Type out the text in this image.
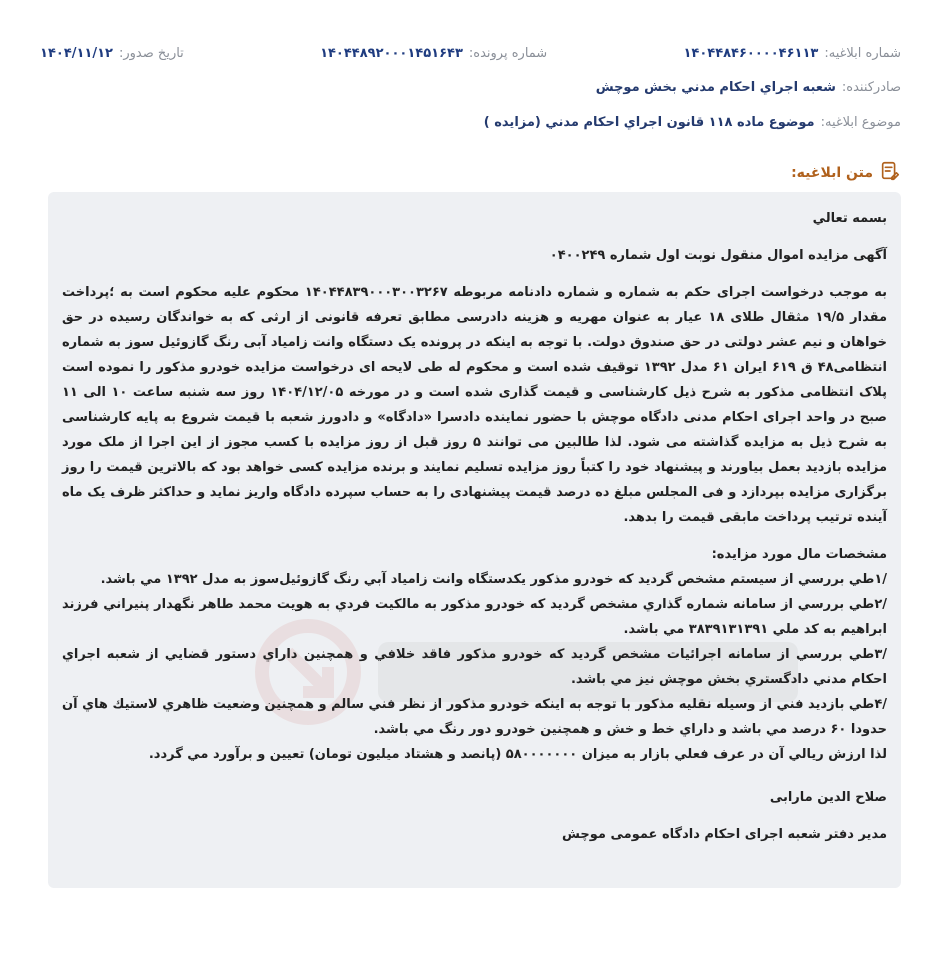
شماره ابلاغیه:
۱۴۰۴۴۸۴۶۰۰۰۰۴۶۱۱۳
شماره پرونده:
۱۴۰۴۴۸۹۲۰۰۰۱۴۵۱۶۴۳
تاریخ صدور:
۱۴۰۴/۱۱/۱۲
صادرکننده:
شعبه اجراي احكام مدني بخش موچش
موضوع ابلاغیه:
موضوع ماده ۱۱۸ قانون اجراي احكام مدني (مزايده )
متن ابلاغیه:

بسمه تعالي

آگهی مزایده اموال منقول نوبت اول شماره ۰۴۰۰۲۴۹

به موجب درخواست اجرای حکم به شماره و شماره دادنامه مربوطه ۱۴۰۴۴۸۳۹۰۰۰۳۰۰۳۲۶۷ محکوم علیه محکوم است به ؛پرداخت مقدار ۱۹/۵ مثقال طلای ۱۸ عیار به عنوان مهریه و هزینه دادرسی مطابق تعرفه قانونی از ارثی که به خواندگان رسیده در حق خواهان و نیم عشر دولتی در حق صندوق دولت. با توجه به اینکه در پرونده یک دستگاه وانت زامیاد آبی رنگ گازوئیل سوز به شماره انتظامی۴۸ ق ۶۱۹ ایران ۶۱ مدل ۱۳۹۲ توقیف شده است و محکوم له طی لایحه ای درخواست مزایده خودرو مذکور را نموده است پلاک انتظامی مذکور به شرح ذیل کارشناسی و قیمت گذاری شده است و در مورخه ۱۴۰۴/۱۲/۰۵ روز سه شنبه ساعت ۱۰ الی ۱۱ صبح در واحد اجرای احکام مدنی دادگاه موچش با حضور نماینده دادسرا «دادگاه» و دادورز شعبه با قیمت شروع به پایه کارشناسی به شرح ذیل به مزایده گذاشته می شود. لذا طالبین می توانند ۵ روز قبل از روز مزایده با کسب مجوز از این اجرا از ملک مورد مزایده بازدید بعمل بیاورند و پیشنهاد خود را کتباً روز مزایده تسلیم نمایند و برنده مزایده کسی خواهد بود که بالاترین قیمت را روز برگزاری مزایده بپردازد و فی المجلس مبلغ ده درصد قیمت پیشنهادی را به حساب سپرده دادگاه واریز نماید و حداکثر ظرف یک ماه آینده ترتیب پرداخت مابقی قیمت را بدهد.

مشخصات مال مورد مزایده:

/۱طي بررسي از سيستم مشخص گرديد كه خودرو مذكور يكدستگاه وانت زامياد آبي رنگ گازوئيل‌سوز به مدل ۱۳۹۲ مي باشد.

/۲طي بررسي از سامانه شماره گذاري مشخص گرديد كه خودرو مذكور به مالكيت فردي به هويت محمد طاهر نگهدار پنيراني فرزند ابراهيم به كد ملي ۳۸۳۹۱۳۱۳۹۱ مي باشد.

/۳طي بررسي از سامانه اجرائيات مشخص گرديد كه خودرو مذكور فاقد خلافي و همچنين داراي دستور قضايي از شعبه اجراي احكام مدني دادگستري بخش موچش نيز مي باشد.

/۴طي بازديد فني از وسيله نقليه مذكور با توجه به اينكه خودرو مذكور از نظر فني سالم و همچنين وضعيت ظاهري لاستيك هاي آن حدودا ۶۰ درصد مي باشد و داراي خط و خش و همچنين خودرو دور رنگ مي باشد.

لذا ارزش ريالي آن در عرف فعلي بازار به ميزان ۵۸۰۰۰۰۰۰۰ (پانصد و هشتاد ميليون تومان) تعيين و برآورد مي گردد.

صلاح الدین مارابی

مدیر دفتر شعبه اجرای احکام دادگاه عمومی موچش
